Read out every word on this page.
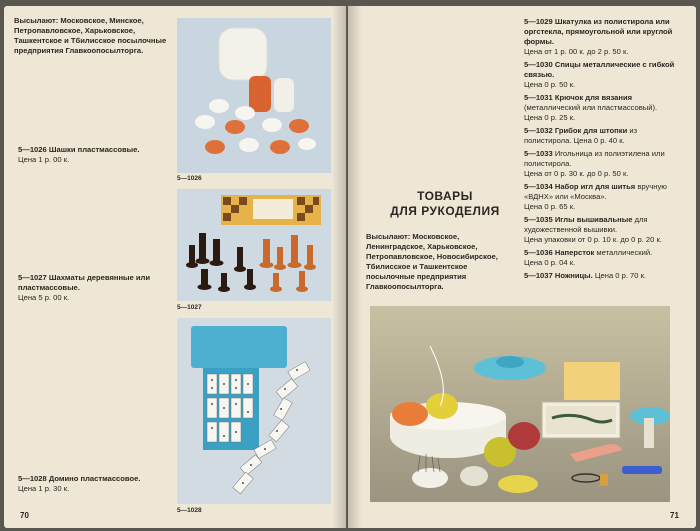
Высылают: Московское, Минское, Петропавловское, Харьковское, Ташкентское и Тбилисское посылочные предприятия Главкоопосылторга.
5—1026
5—1026 Шашки пластмассовые.
Цена 1 р. 00 к.
5—1027
5—1027 Шахматы деревянные или пластмассовые.
Цена 5 р. 00 к.
5—1028
5—1028 Домино пластмассовое.
Цена 1 р. 30 к.
70
5—1029 Шкатулка из полистирола или оргстекла, прямоугольной или круглой формы.
Цена от 1 р. 00 к. до 2 р. 50 к.
5—1030 Спицы металлические с гибкой связью.
Цена 0 р. 50 к.
5—1031 Крючок для вязания (металлический или пластмассовый). Цена 0 р. 25 к.
5—1032 Грибок для штопки из полистирола. Цена 0 р. 40 к.
5—1033 Игольница из полиэтилена или полистирола.
Цена от 0 р. 30 к. до 0 р. 50 к.
5—1034 Набор игл для шитья вручную «ВДНХ» или «Москва».
Цена 0 р. 65 к.
5—1035 Иглы вышивальные для художественной вышивки.
Цена упаковки от 0 р. 10 к. до 0 р. 20 к.
5—1036 Наперсток металлический.
Цена 0 р. 04 к.
5—1037 Ножницы. Цена 0 р. 70 к.
ТОВАРЫ
ДЛЯ РУКОДЕЛИЯ
Высылают: Московское, Ленинградское, Харьковское, Петропавловское, Новосибирское, Тбилисское и Ташкентское посылочные предприятия Главкоопосылторга.
71
